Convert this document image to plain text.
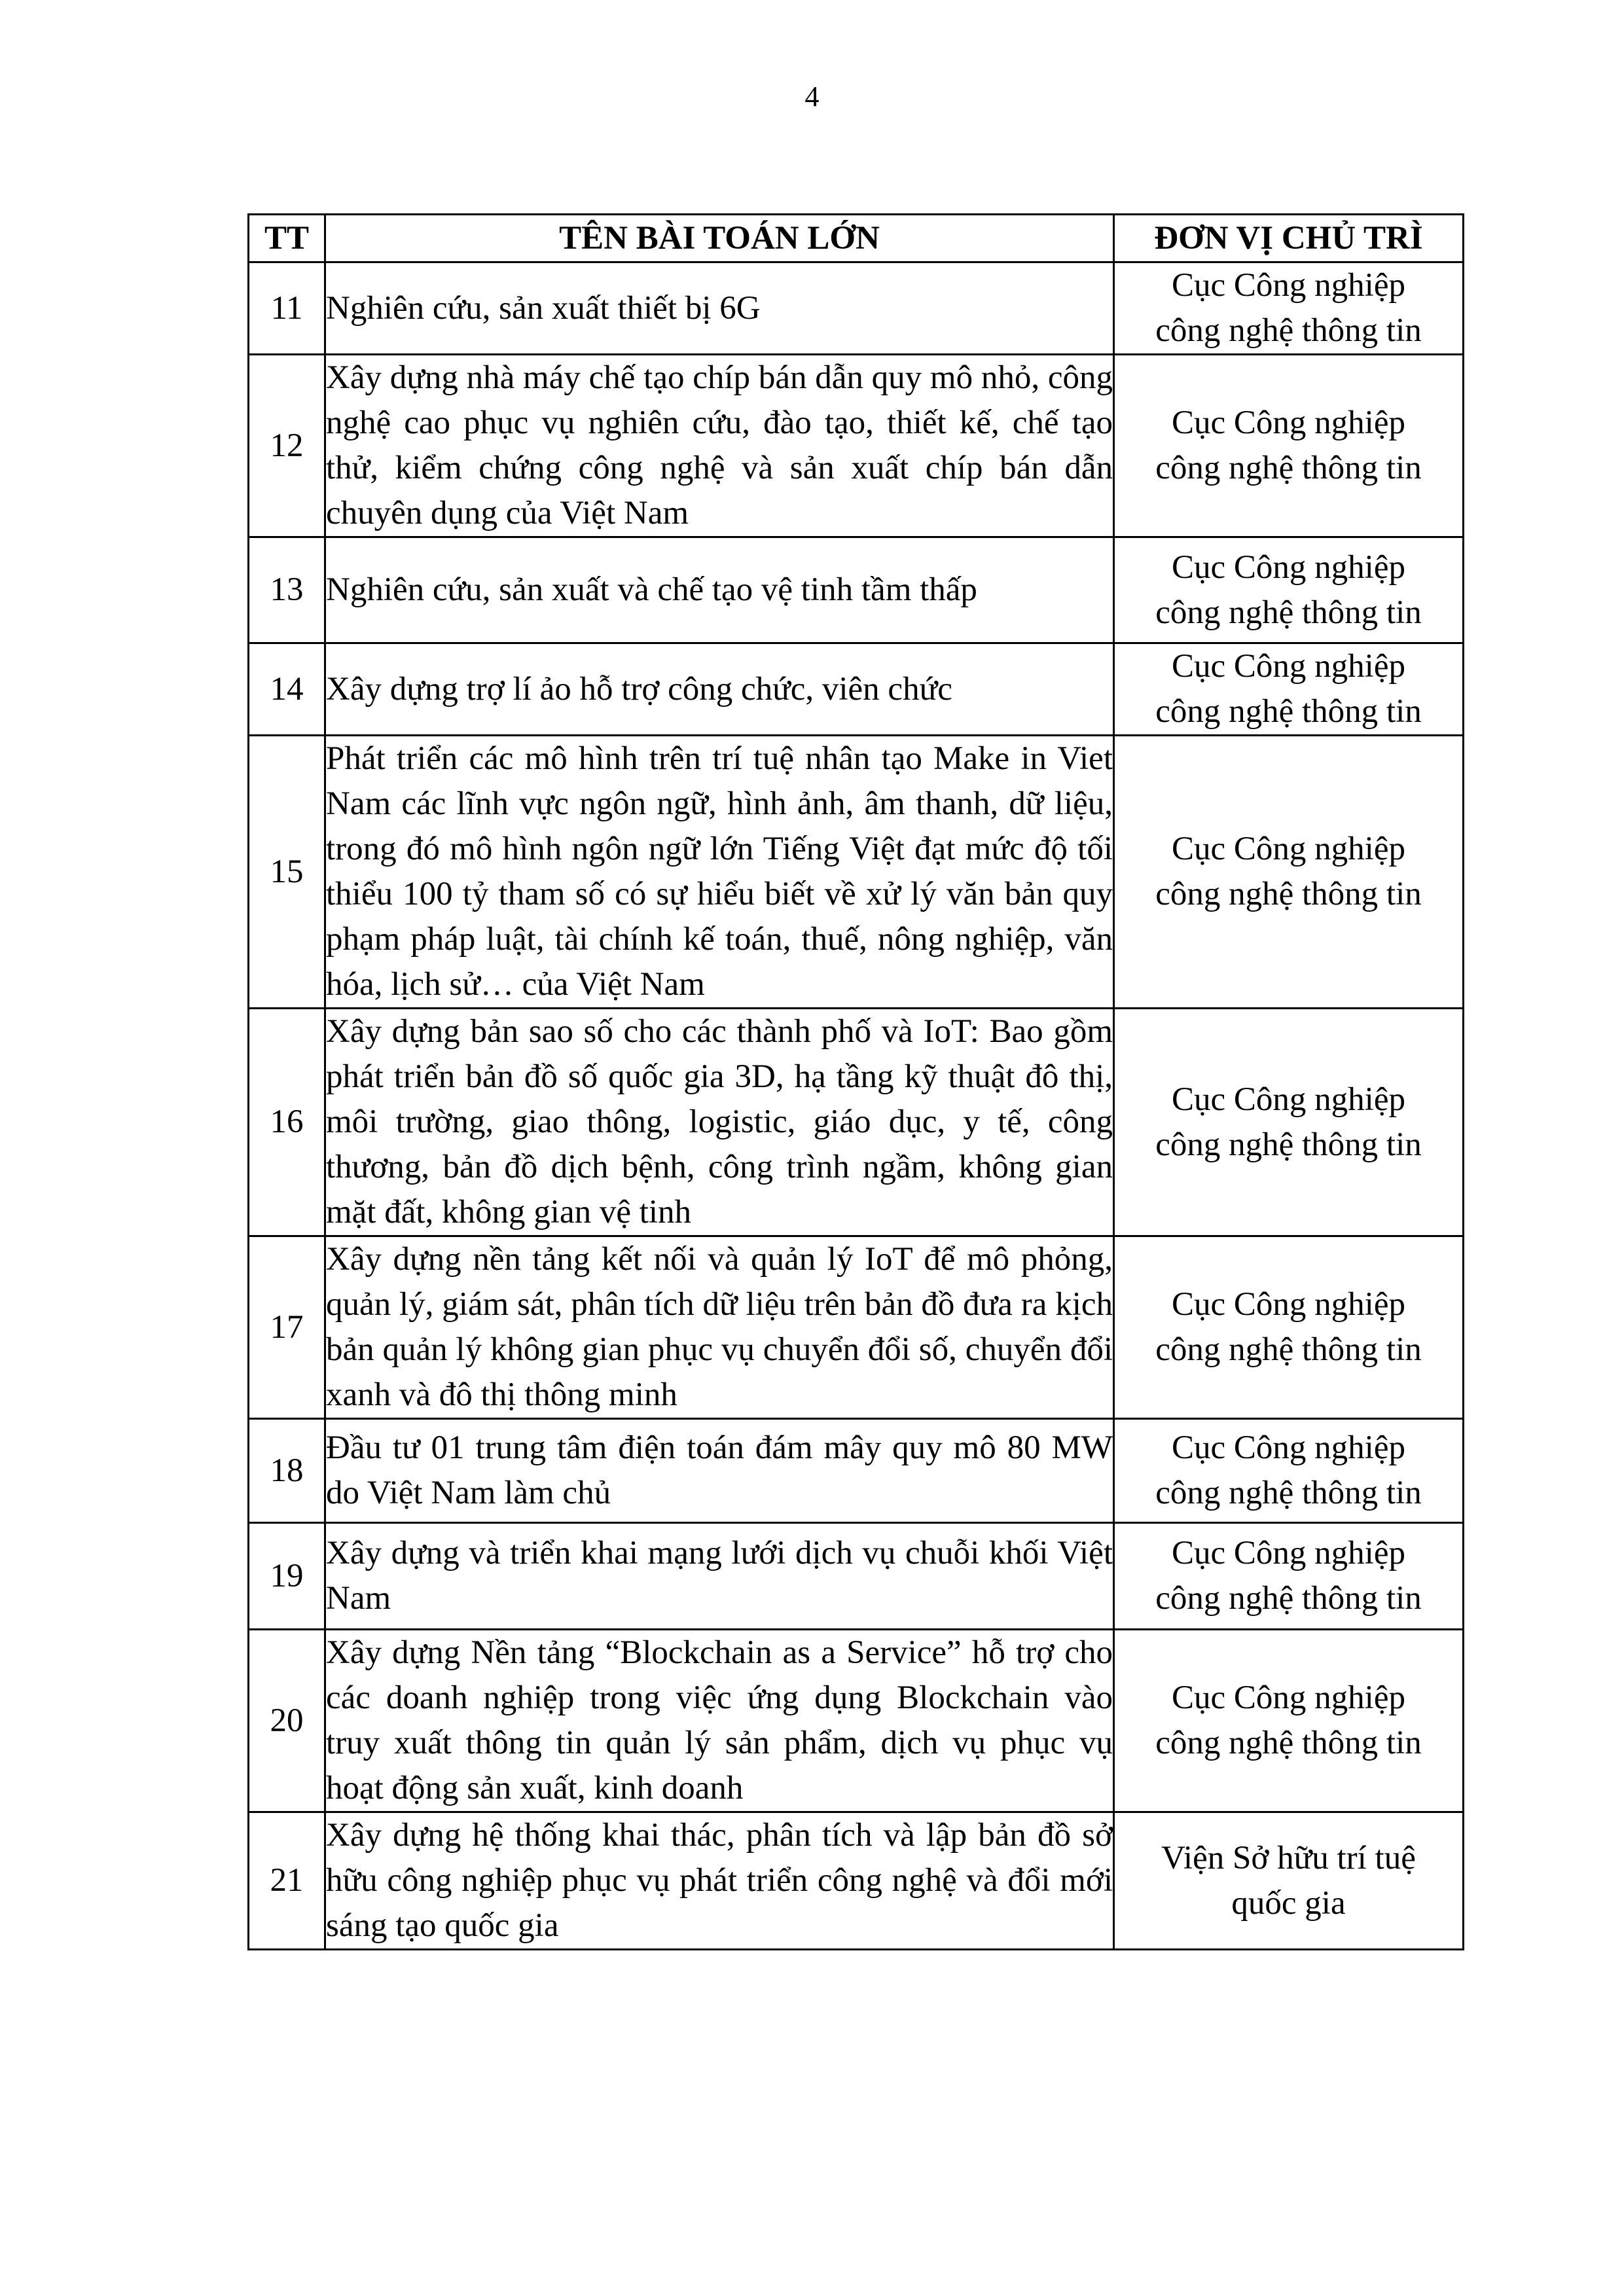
4
TT	TÊN BÀI TOÁN LỚN	ĐƠN VỊ CHỦ TRÌ
11	Nghiên cứu, sản xuất thiết bị 6G	Cục Công nghiệp
công nghệ thông tin

12	Xây dựng nhà máy chế tạo chíp bán dẫn quy mô nhỏ, công nghệ cao phục vụ nghiên cứu, đào tạo, thiết kế, chế tạo thử, kiểm chứng công nghệ và sản xuất chíp bán dẫn chuyên dụng của Việt Nam	Cục Công nghiệp
công nghệ thông tin

13	Nghiên cứu, sản xuất và chế tạo vệ tinh tầm thấp	Cục Công nghiệp
công nghệ thông tin

14	Xây dựng trợ lí ảo hỗ trợ công chức, viên chức	Cục Công nghiệp
công nghệ thông tin

15	Phát triển các mô hình trên trí tuệ nhân tạo Make in Viet Nam các lĩnh vực ngôn ngữ, hình ảnh, âm thanh, dữ liệu, trong đó mô hình ngôn ngữ lớn Tiếng Việt đạt mức độ tối thiểu 100 tỷ tham số có sự hiểu biết về xử lý văn bản quy phạm pháp luật, tài chính kế toán, thuế, nông nghiệp, văn hóa, lịch sử… của Việt Nam	Cục Công nghiệp
công nghệ thông tin

16	Xây dựng bản sao số cho các thành phố và IoT: Bao gồm phát triển bản đồ số quốc gia 3D, hạ tầng kỹ thuật đô thị, môi trường, giao thông, logistic, giáo dục, y tế, công thương, bản đồ dịch bệnh, công trình ngầm, không gian mặt đất, không gian vệ tinh	Cục Công nghiệp
công nghệ thông tin

17	Xây dựng nền tảng kết nối và quản lý IoT để mô phỏng, quản lý, giám sát, phân tích dữ liệu trên bản đồ đưa ra kịch bản quản lý không gian phục vụ chuyển đổi số, chuyển đổi xanh và đô thị thông minh	Cục Công nghiệp
công nghệ thông tin

18	Đầu tư 01 trung tâm điện toán đám mây quy mô 80 MW do Việt Nam làm chủ	Cục Công nghiệp
công nghệ thông tin

19	Xây dựng và triển khai mạng lưới dịch vụ chuỗi khối Việt Nam	Cục Công nghiệp
công nghệ thông tin

20	Xây dựng Nền tảng “Blockchain as a Service” hỗ trợ cho các doanh nghiệp trong việc ứng dụng Blockchain vào truy xuất thông tin quản lý sản phẩm, dịch vụ phục vụ hoạt động sản xuất, kinh doanh	Cục Công nghiệp
công nghệ thông tin

21	Xây dựng hệ thống khai thác, phân tích và lập bản đồ sở hữu công nghiệp phục vụ phát triển công nghệ và đổi mới sáng tạo quốc gia	Viện Sở hữu trí tuệ
quốc gia
